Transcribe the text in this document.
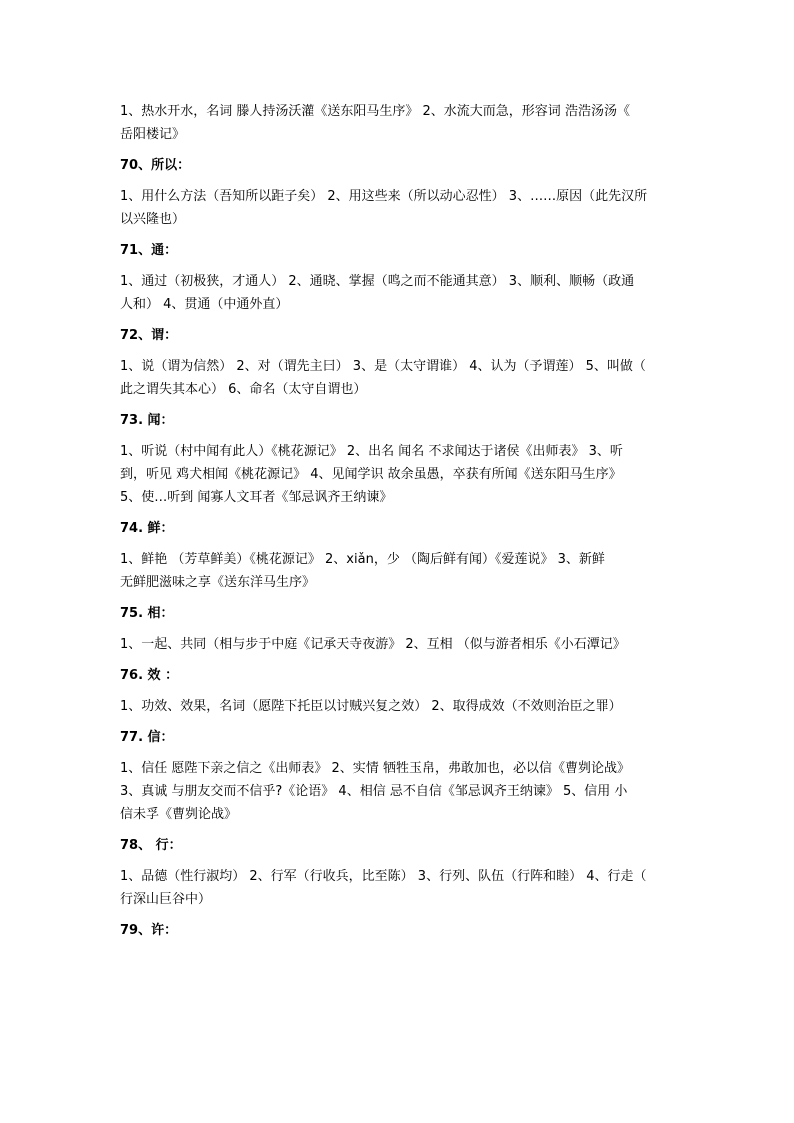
1、热水开水，名词 滕人持汤沃灌《送东阳马生序》 2、水流大而急，形容词 浩浩汤汤《
岳阳楼记》
70、所以：
1、用什么方法（吾知所以距子矣） 2、用这些来（所以动心忍性） 3、……原因（此先汉所
以兴隆也）
71、通：
1、通过（初极狭，才通人） 2、通晓、掌握（鸣之而不能通其意） 3、顺利、顺畅（政通
人和） 4、贯通（中通外直）
72、谓：
1、说（谓为信然） 2、对（谓先主曰） 3、是（太守谓谁） 4、认为（予谓莲） 5、叫做（
此之谓失其本心） 6、命名（太守自谓也）
73. 闻：
1、听说（村中闻有此人）《桃花源记》 2、出名 闻名 不求闻达于诸侯《出师表》 3、听
到，听见 鸡犬相闻《桃花源记》 4、见闻学识 故余虽愚，卒获有所闻《送东阳马生序》
5、使…听到 闻寡人文耳者《邹忌讽齐王纳谏》
74. 鲜：
1、鲜艳 （芳草鲜美）《桃花源记》 2、xiǎn，少 （陶后鲜有闻）《爱莲说》 3、新鲜
无鲜肥滋味之享《送东洋马生序》
75. 相：
1、一起、共同（相与步于中庭《记承天寺夜游》 2、互相 （似与游者相乐《小石潭记》
76. 效 ：
1、功效、效果，名词（愿陛下托臣以讨贼兴复之效） 2、取得成效（不效则治臣之罪）
77. 信：
1、信任 愿陛下亲之信之《出师表》 2、实情 牺牲玉帛，弗敢加也，必以信《曹刿论战》
3、真诚 与朋友交而不信乎?《论语》 4、相信 忌不自信《邹忌讽齐王纳谏》 5、信用 小
信未孚《曹刿论战》
78、 行：
1、品德（性行淑均） 2、行军（行收兵，比至陈） 3、行列、队伍（行阵和睦） 4、行走（
行深山巨谷中）
79、许：
